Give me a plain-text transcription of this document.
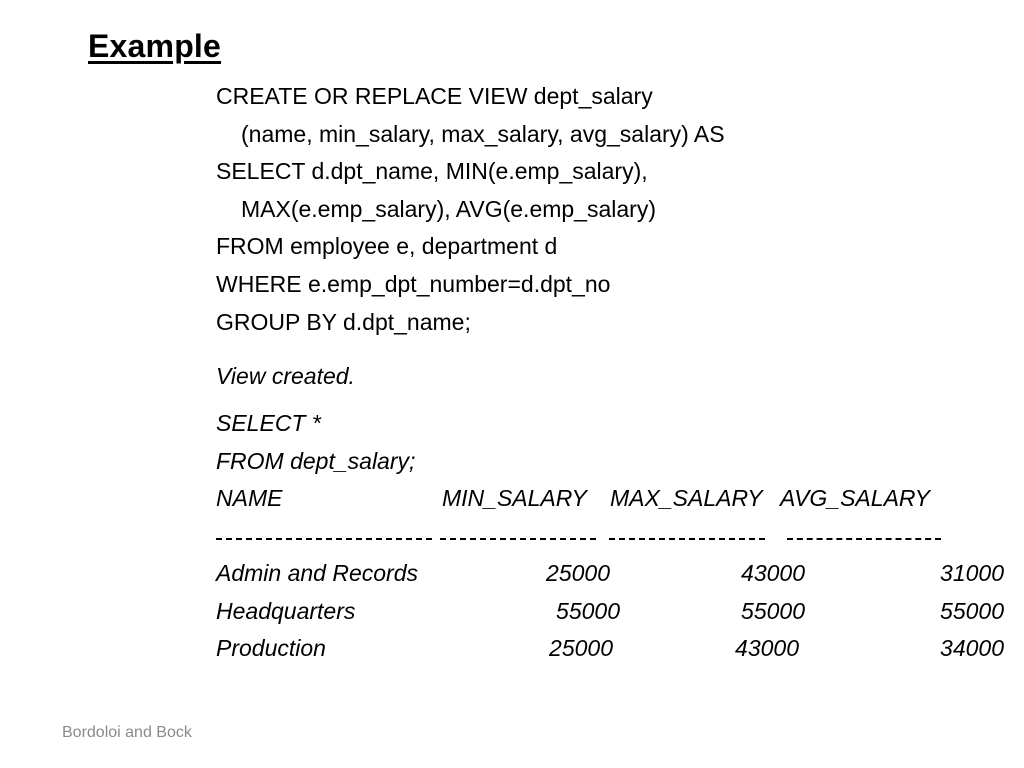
Example
CREATE OR REPLACE VIEW dept_salary
(name, min_salary, max_salary, avg_salary) AS
SELECT d.dpt_name, MIN(e.emp_salary),
MAX(e.emp_salary), AVG(e.emp_salary)
FROM employee e, department d
WHERE e.emp_dpt_number=d.dpt_no
GROUP BY d.dpt_name;
View created.
SELECT *
FROM dept_salary;
NAME	MIN_SALARY MAX_SALARY AVG_SALARY
Admin and Records	25000	43000	31000
Headquarters	55000	55000	55000
Production	25000	43000	34000
Bordoloi and Bock
